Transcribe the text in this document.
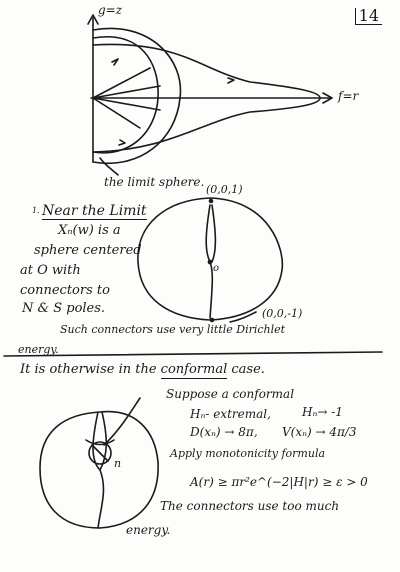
14
g=z
f=r
the limit sphere.
(0,0,1)
(0,0,-1)
o
1. Near the Limit
Xₙ(w) is a
sphere centered
at O with
connectors to
N & S poles.
Such connectors use very little Dirichlet
energy.
It is otherwise in the conformal case.
Suppose a conformal
Hₙ- extremal,	Hₙ→ -1
D(xₙ) → 8π, V(xₙ) → 4π/3
Apply monotonicity formula
A(r) ≥ πr²e^(−2|H|r) ≥ ε > 0
The connectors use too much
energy.
n
